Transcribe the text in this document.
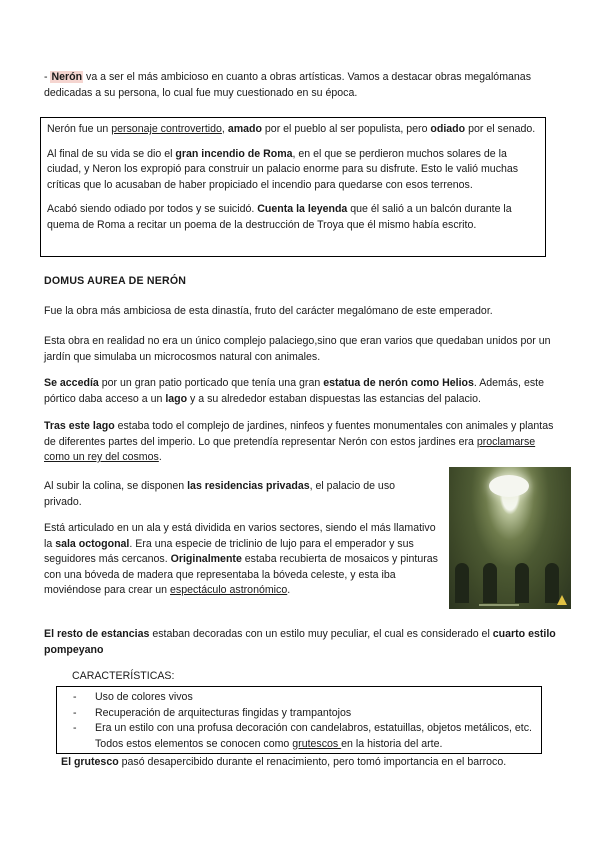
- Nerón va a ser el más ambicioso en cuanto a obras artísticas. Vamos a destacar obras megalómanas dedicadas a su persona, lo cual fue muy cuestionado en su época.

Nerón fue un personaje controvertido, amado por el pueblo al ser populista, pero odiado por el senado.

Al final de su vida se dio el gran incendio de Roma, en el que se perdieron muchos solares de la ciudad, y Neron los expropió para construir un palacio enorme para su disfrute. Esto le valió muchas críticas que lo acusaban de haber propiciado el incendio para quedarse con esos terrenos.

Acabó siendo odiado por todos y se suicidó. Cuenta la leyenda que él salió a un balcón durante la quema de Roma a recitar un poema de la destrucción de Troya que él mismo había escrito.

DOMUS AUREA DE NERÓN

Fue la obra más ambiciosa de esta dinastía, fruto del carácter megalómano de este emperador.

Esta obra en realidad no era un único complejo palaciego,sino que eran varios que quedaban unidos por un jardín que simulaba un microcosmos natural con animales.

Se accedía por un gran patio porticado que tenía una gran estatua de nerón como Helios. Además, este pórtico daba acceso a un lago y a su alrededor estaban dispuestas las estancias del palacio.

Tras este lago estaba todo el complejo de jardines, ninfeos y fuentes monumentales con animales y plantas de diferentes partes del imperio. Lo que pretendía representar Nerón con estos jardines era proclamarse como un rey del cosmos.

Al subir la colina, se disponen las residencias privadas, el palacio de uso privado.

Está articulado en un ala y está dividida en varios sectores, siendo el más llamativo la sala octogonal. Era una especie de triclinio de lujo para el emperador y sus seguidores más cercanos. Originalmente estaba recubierta de mosaicos y pinturas con una bóveda de madera que representaba la bóveda celeste, y esta iba moviéndose para crear un espectáculo astronómico.

El resto de estancias estaban decoradas con un estilo muy peculiar, el cual es considerado el cuarto estilo pompeyano

CARACTERÍSTICAS:
- Uso de colores vivos
- Recuperación de arquitecturas fingidas y trampantojos
- Era un estilo con una profusa decoración con candelabros, estatuillas, objetos metálicos, etc. Todos estos elementos se conocen como grutescos en la historia del arte.

El grutesco pasó desapercibido durante el renacimiento, pero tomó importancia en el barroco.
